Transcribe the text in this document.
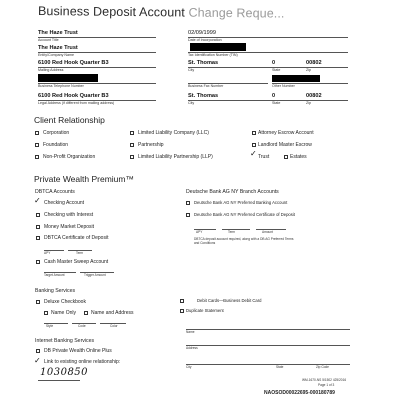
Business Deposit Account Change Reque...
The Haze Trust
Account Title
02/09/1999
Date of Incorporation
The Haze Trust
Entity/Company Name	Tax Identification Number (TIN)
6100 Red Hook Quarter B3
Mailing Address
St. Thomas
City
0
State
00802
Zip
Business Telephone Number	Business Fax Number	Other Number
6100 Red Hook Quarter B3
Legal Address (if different from mailing address)
St. Thomas
City
0
State
00802
Zip
Client Relationship
Corporation
Foundation
Non-Profit Organization
Limited Liability Company (LLC)
Partnership
Limited Liability Partnership (LLP)
Attorney Escrow Account
Landlord Master Escrow
✓ Trust	Estates
Private Wealth Premium™
DBTCA Accounts
✓ Checking Account
Checking with Interest
Money Market Deposit
DBTCA Certificate of Deposit
APY	Term
Cash Master Sweep Account
Target Amount	Trigger Amount
Deutsche Bank AG NY Branch Accounts
Deutsche Bank AG NY Preferred Banking Account
Deutsche Bank AG NY Preferred Certificate of Deposit
APY	Term	Amount
DBTCA deposit account required, along with a DB AG Preferred Terms
and Conditions
Banking Services
Deluxe Checkbook
Name Only	Name and Address
Style	Code	Color
Debit Cards—Business Debit Card
Duplicate Statement
Name
Address
City	State	Zip Code
Internet Banking Services
DB Private Wealth Online Plus
✓ Link to existing online relationship:
1030850
WM-1670-NS 5/1502 425/2016
Page 1 of 3
NAOSOD00022695-000180789
